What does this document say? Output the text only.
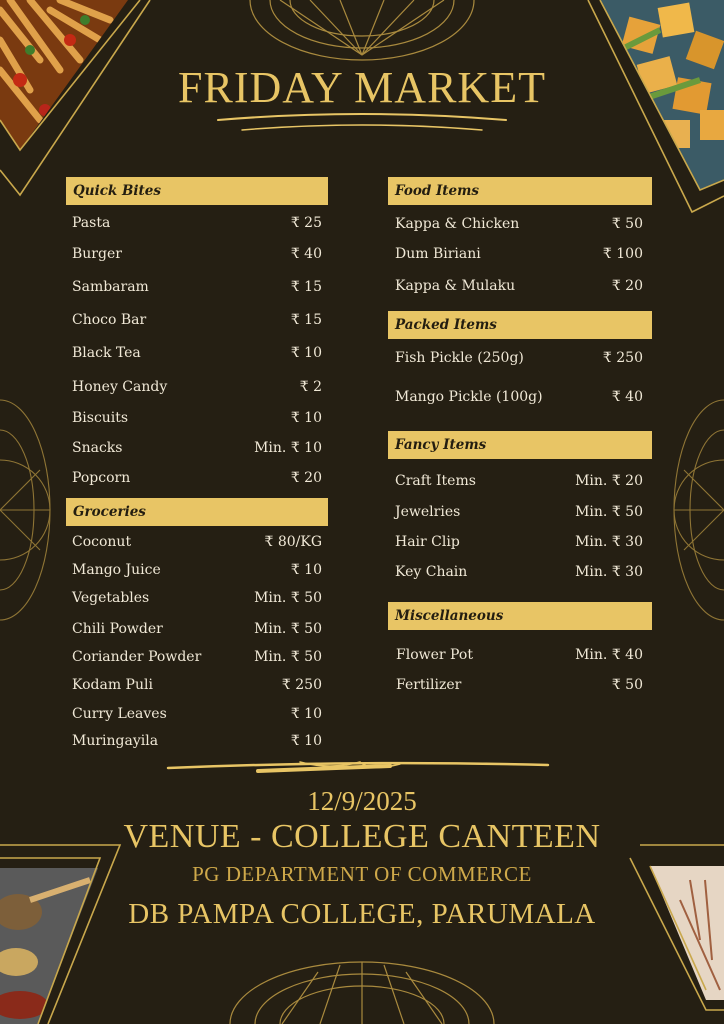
FRIDAY MARKET
Quick Bites
Pasta	₹ 25
Burger	₹ 40
Sambaram	₹ 15
Choco Bar	₹ 15
Black Tea	₹ 10
Honey Candy	₹ 2
Biscuits	₹ 10
Snacks	Min. ₹ 10
Popcorn	₹ 20
Groceries
Coconut	₹ 80/KG
Mango Juice	₹ 10
Vegetables	Min. ₹ 50
Chili Powder	Min. ₹ 50
Coriander Powder	Min. ₹ 50
Kodam Puli	₹ 250
Curry Leaves	₹ 10
Muringayila	₹ 10
Food Items
Kappa & Chicken	₹ 50
Dum Biriani	₹ 100
Kappa & Mulaku	₹ 20
Packed Items
Fish Pickle (250g)	₹ 250
Mango Pickle (100g)	₹ 40
Fancy Items
Craft Items	Min. ₹ 20
Jewelries	Min. ₹ 50
Hair Clip	Min. ₹ 30
Key Chain	Min. ₹ 30
Miscellaneous
Flower Pot	Min. ₹ 40
Fertilizer	₹ 50
12/9/2025
VENUE - COLLEGE CANTEEN
PG DEPARTMENT OF COMMERCE
DB PAMPA COLLEGE, PARUMALA
